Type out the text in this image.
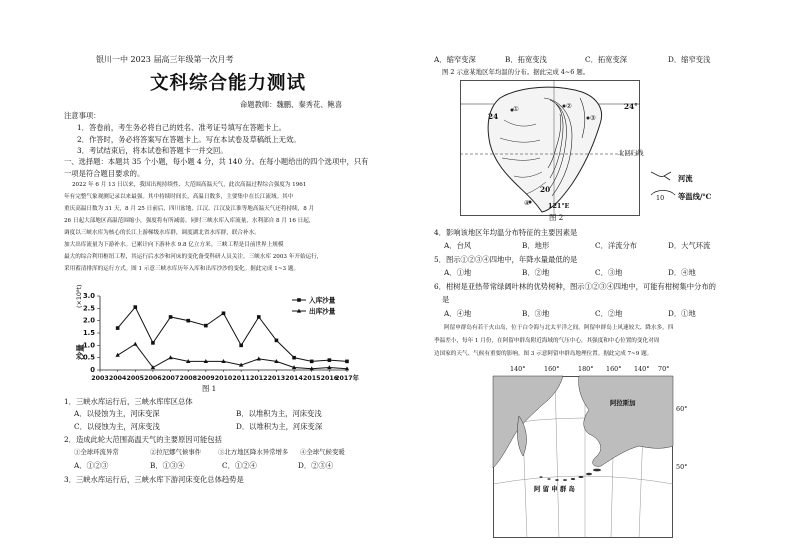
银川一中 2023 届高三年级第一次月考
文科综合能力测试
命题教师：魏鹏、秦秀花、鲍喜
注意事项：
1．答卷前，考生务必将自己的姓名、准考证号填写在答题卡上。
2．作答时，务必将答案写在答题卡上。写在本试卷及草稿纸上无效。
3．考试结束后，将本试卷和答题卡一并交回。
一、选择题：本题共 35 个小题，每小题 4 分，共 140 分。在每小题给出的四个选项中，只有
一项是符合题目要求的。
2022 年 6 月 13 日以来，我国出现持续性、大范围高温天气，此次高温过程综合强度为 1961
年有完整气象观测记录以来最强。其中持续时间长，高温日数多，主要集中在长江流域。其中
重庆高温日数为 31 天，8 月 25 日前后，四川盆地、江汉、江汉及江淮等地高温天气还将持续，8 月
26 日起大部地区高温范围缩小，强度将有所减弱。同时三峡水库入库流量，水利部自 8 月 16 日起，
调度以三峡水库为核心的长江上游梯级水库群，调度湖北省水库群，联合补水。
加大出库流量为下游补水。已累计向下游补水 9.8 亿立方米。三峡工程是目前世界上规模
最大的综合利用枢纽工程，其运行后水沙和河床的变化备受科研人员关注。三峡水库 2003 年开始运行，
采用蓄清排浑的运行方式。图 1 示意三峡水库历年入库和出库沙沙的变化。据此完成 1~3 题。
0
0.5
1.0
1.5
2.0
2.5
3.0
2003 2004 2005 2006 2007 2008 2009 2010 2011 2012 2013 2014 2015 2016
2017年
入库沙量
出库沙量
(×10⁸t)
沙量
图 1
1．三峡水库运行后，三峡水库库区总体
A．以侵蚀为主，河床变深	B．以堆积为主，河床变浅
C．以侵蚀为主，河床变浅	D．以堆积为主，河床变深
2．造成此轮大范围高温天气的主要原因可能包括
①全球环流异常	②拉尼娜气候事件	③北方地区降水异常增多 ④全球气候变暖
A．①②③	B．①③④	C．①②④	D．②③④
3．三峡水库运行后，三峡水库下游河床变化总体趋势是
A．缩窄变深	B．拓宽变浅	C．拓宽变深	D．缩窄变浅
图 2 示意某地区年均温的分布。据此完成 4~6 题。
24
24°
20
121°E
北回归线
①	②
③
④
河流
10 等温线/℃
图 2
4．影响该地区年均温分布特征的主要因素是
A．台风	B．地形	C．洋流分布	D．大气环流
5．图示①②③④四地中，年降水量最低的是
A．①地	B．②地	C．③地	D．④地
6．柑树是亚热带常绿阔叶林的优势树种，图示①②③④四地中，可能有柑树集中分布的
是
A．④地	B．③地	C．②地	D．①地
阿留申群岛有若干火山岛，位于白令海与北太平洋之间。阿留申群岛上风速较大、降水多，四
季温差小，每年 1 月份，在阿留申群岛附近海域的气压中心，其强度和中心位置的变化对周
边国家的天气、气候有重要的影响。图 3 示意阿留申群岛地理位置。据此完成 7~9 题。
140°	160°	180° 160° 140° 70°
60°
50°
阿拉斯加
阿 留 申 群 岛
